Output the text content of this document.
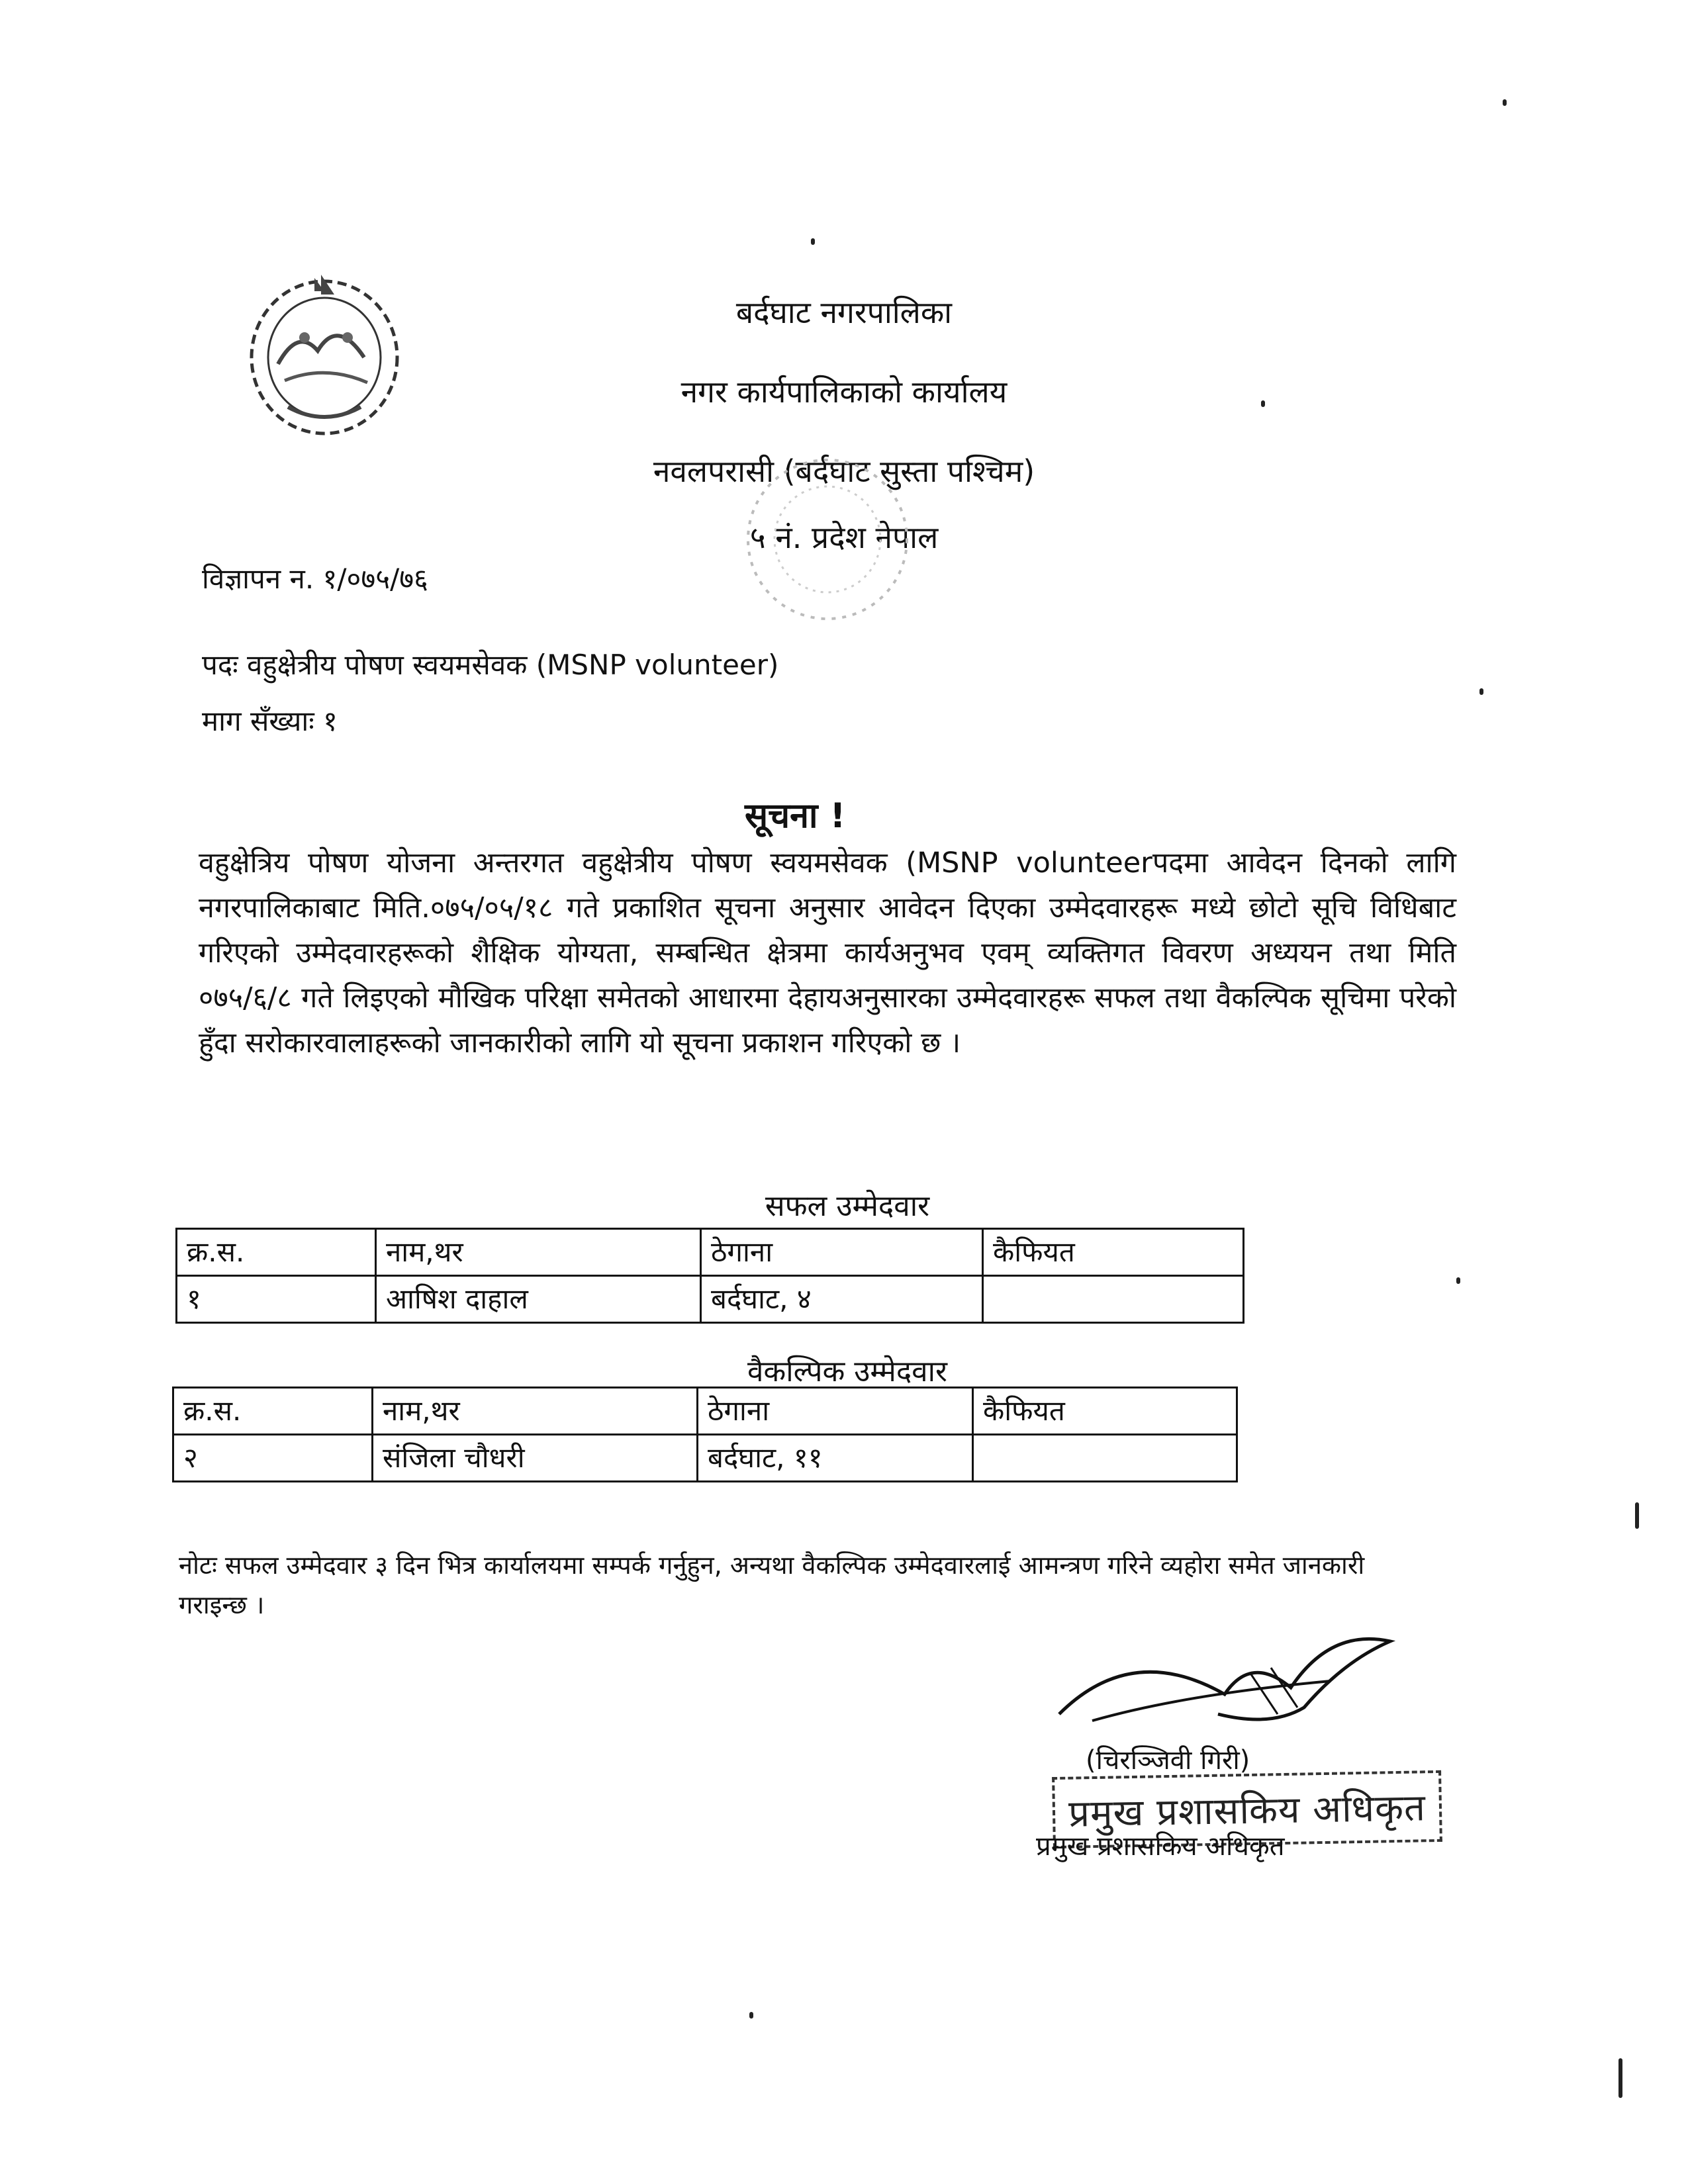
बर्दघाट नगरपालिका
नगर कार्यपालिकाको कार्यालय
नवलपरासी (बर्दघाट सुस्ता पश्चिम)
५ नं. प्रदेश नेपाल
विज्ञापन न. १/०७५/७६
पदः वहुक्षेत्रीय पोषण स्वयमसेवक (MSNP volunteer)
माग सँख्याः १
सूचना !
वहुक्षेत्रिय पोषण योजना अन्तरगत वहुक्षेत्रीय पोषण स्वयमसेवक (MSNP volunteerपदमा आवेदन दिनको लागि नगरपालिकाबाट मिति.०७५/०५/१८ गते प्रकाशित सूचना अनुसार आवेदन दिएका उम्मेदवारहरू मध्ये छोटो सूचि विधिबाट गरिएको उम्मेदवारहरूको शैक्षिक योग्यता, सम्बन्धित क्षेत्रमा कार्यअनुभव एवम् व्यक्तिगत विवरण अध्ययन तथा मिति ०७५/६/८ गते लिइएको मौखिक परिक्षा समेतको आधारमा देहायअनुसारका उम्मेदवारहरू सफल तथा वैकल्पिक सूचिमा परेको हुँदा सरोकारवालाहरूको जानकारीको लागि यो सूचना प्रकाशन गरिएको छ ।
सफल उम्मेदवार
क्र.स.	नाम,थर	ठेगाना	कैफियत
१	आषिश दाहाल	बर्दघाट, ४	
वैकल्पिक उम्मेदवार
क्र.स.	नाम,थर	ठेगाना	कैफियत
२	संजिला चौधरी	बर्दघाट, ११	
नोटः सफल उम्मेदवार ३ दिन भित्र कार्यालयमा सम्पर्क गर्नुहुन, अन्यथा वैकल्पिक उम्मेदवारलाई आमन्त्रण गरिने व्यहोरा समेत जानकारी गराइन्छ ।
(चिरञ्जिवी गिरी)
प्रमुख प्रशासकिय अधिकृत
प्रमुख प्रशासकिय अधिकृत
